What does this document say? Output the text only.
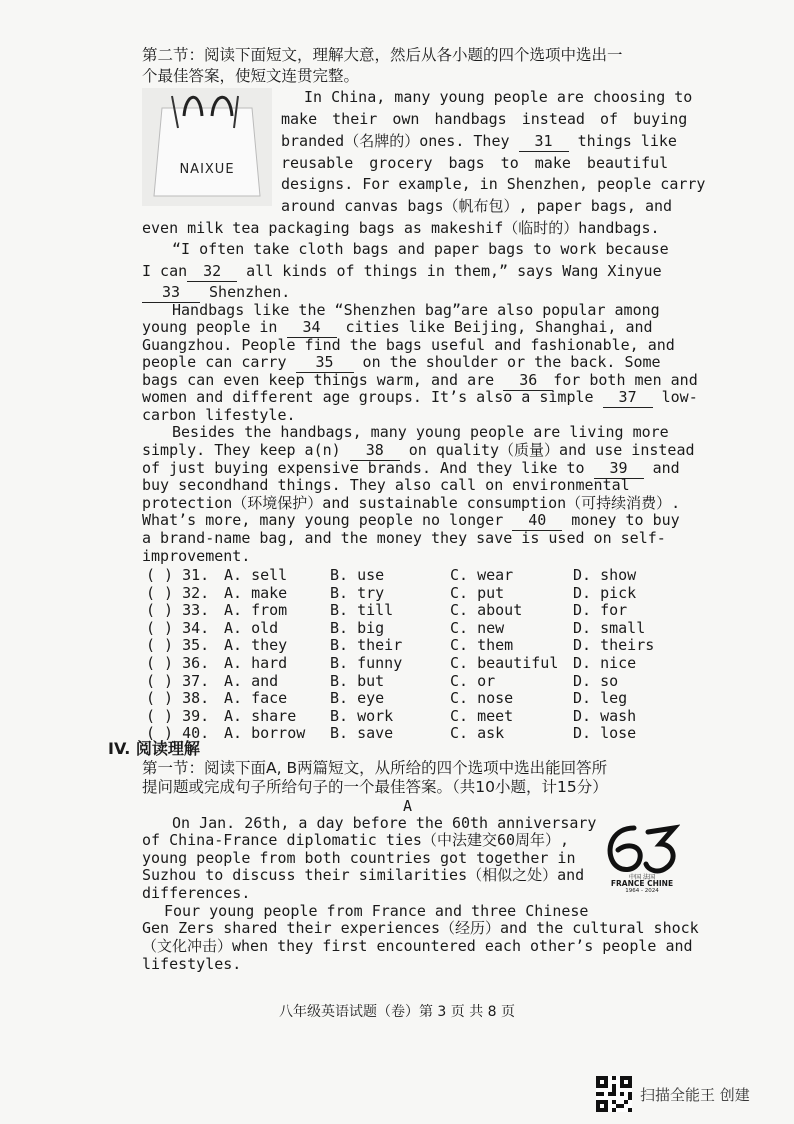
第二节：阅读下面短文，理解大意，然后从各小题的四个选项中选出一
个最佳答案，使短文连贯完整。
NAIXUE
In China, many young people are choosing to
make their own handbags instead of buying
branded（名牌的）ones. They 31 things like
reusable grocery bags to make beautiful
designs. For example, in Shenzhen, people carry
around canvas bags（帆布包）, paper bags, and
even milk tea packaging bags as makeshif（临时的）handbags.
“I often take cloth bags and paper bags to work because
I can 32 all kinds of things in them,” says Wang Xinyue
33 Shenzhen.
Handbags like the “Shenzhen bag”are also popular among
young people in 34 cities like Beijing, Shanghai, and
Guangzhou. People find the bags useful and fashionable, and
people can carry 35 on the shoulder or the back. Some
bags can even keep things warm, and are 36 for both men and
women and different age groups. It’s also a simple 37 low-
carbon lifestyle.
Besides the handbags, many young people are living more
simply. They keep a(n) 38 on quality（质量）and use instead
of just buying expensive brands. And they like to 39 and
buy secondhand things. They also call on environmental
protection（环境保护）and sustainable consumption（可持续消费）.
What’s more, many young people no longer 40 money to buy
a brand-name bag, and the money they save is used on self-
improvement.
( ) 31. A. sell	B. use	C. wear	D. show
( ) 32. A. make	B. try	C. put	D. pick
( ) 33. A. from	B. till	C. about	D. for
( ) 34. A. old	B. big	C. new	D. small
( ) 35. A. they	B. their	C. them	D. theirs
( ) 36. A. hard	B. funny	C. beautiful D. nice
( ) 37. A. and	B. but	C. or	D. so
( ) 38. A. face	B. eye	C. nose	D. leg
( ) 39. A. share B. work	C. meet	D. wash
( ) 40. A. borrow B. save	C. ask	D. lose
IV. 阅读理解
第一节：阅读下面A, B两篇短文，从所给的四个选项中选出能回答所
提问题或完成句子所给句子的一个最佳答案。（共10小题，计15分）
A
On Jan. 26th, a day before the 60th anniversary
of China-France diplomatic ties（中法建交60周年）,
young people from both countries got together in
Suzhou to discuss their similarities（相似之处）and
differences.
Four young people from France and three Chinese
Gen Zers shared their experiences（经历）and the cultural shock
（文化冲击）when they first encountered each other’s people and
lifestyles.
中国 法国
FRANCE CHINE
1964 - 2024
八年级英语试题（卷）第 3 页 共 8 页
扫描全能王 创建
